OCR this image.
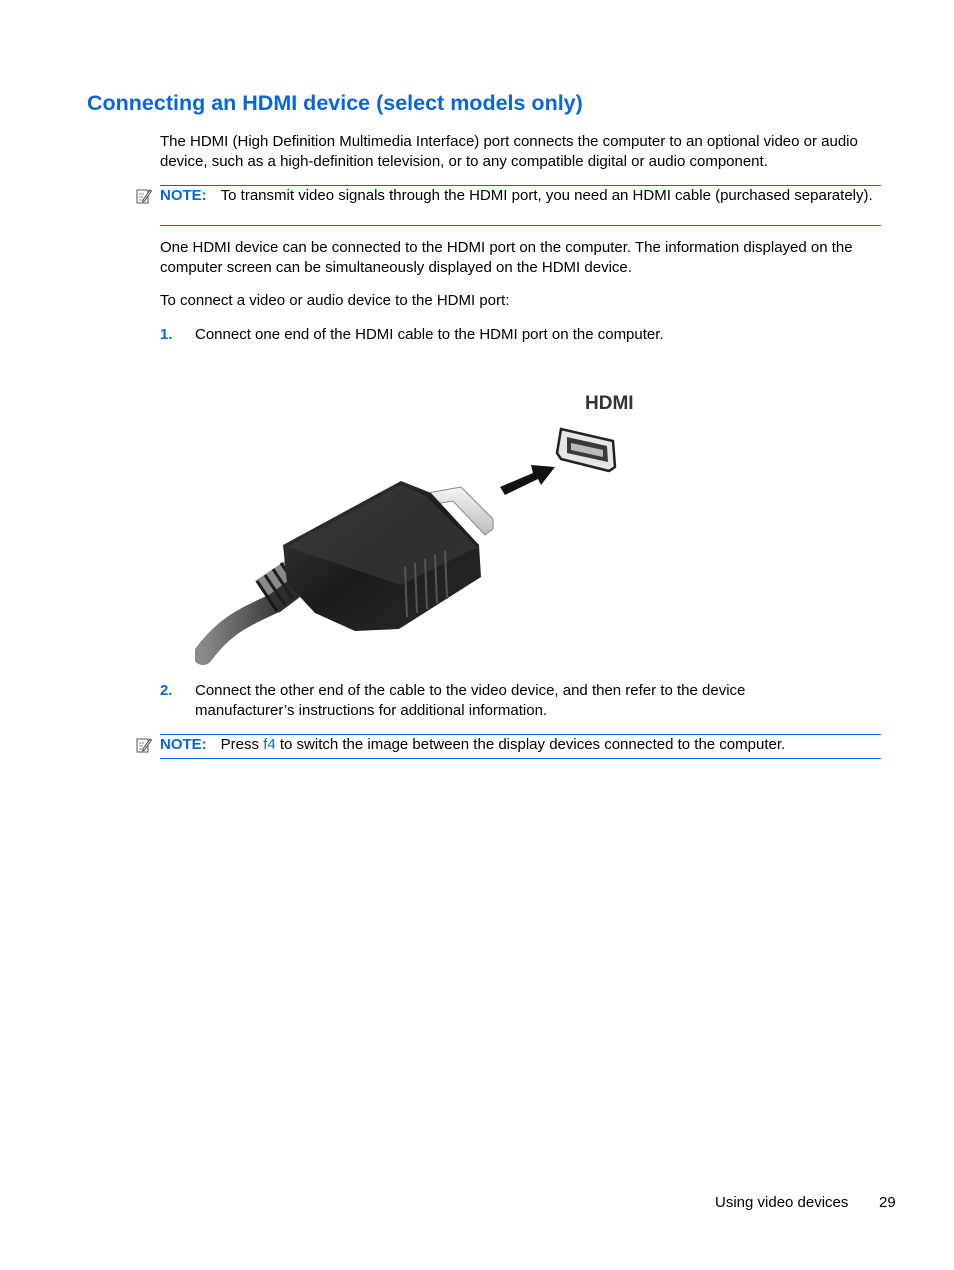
Connecting an HDMI device (select models only)
The HDMI (High Definition Multimedia Interface) port connects the computer to an optional video or audio device, such as a high-definition television, or to any compatible digital or audio component.
NOTE: To transmit video signals through the HDMI port, you need an HDMI cable (purchased separately).
One HDMI device can be connected to the HDMI port on the computer. The information displayed on the computer screen can be simultaneously displayed on the HDMI device.
To connect a video or audio device to the HDMI port:
1. Connect one end of the HDMI cable to the HDMI port on the computer.
HDMI
2. Connect the other end of the cable to the video device, and then refer to the device manufacturer’s instructions for additional information.
NOTE: Press f4 to switch the image between the display devices connected to the computer.
Using video devices 29
